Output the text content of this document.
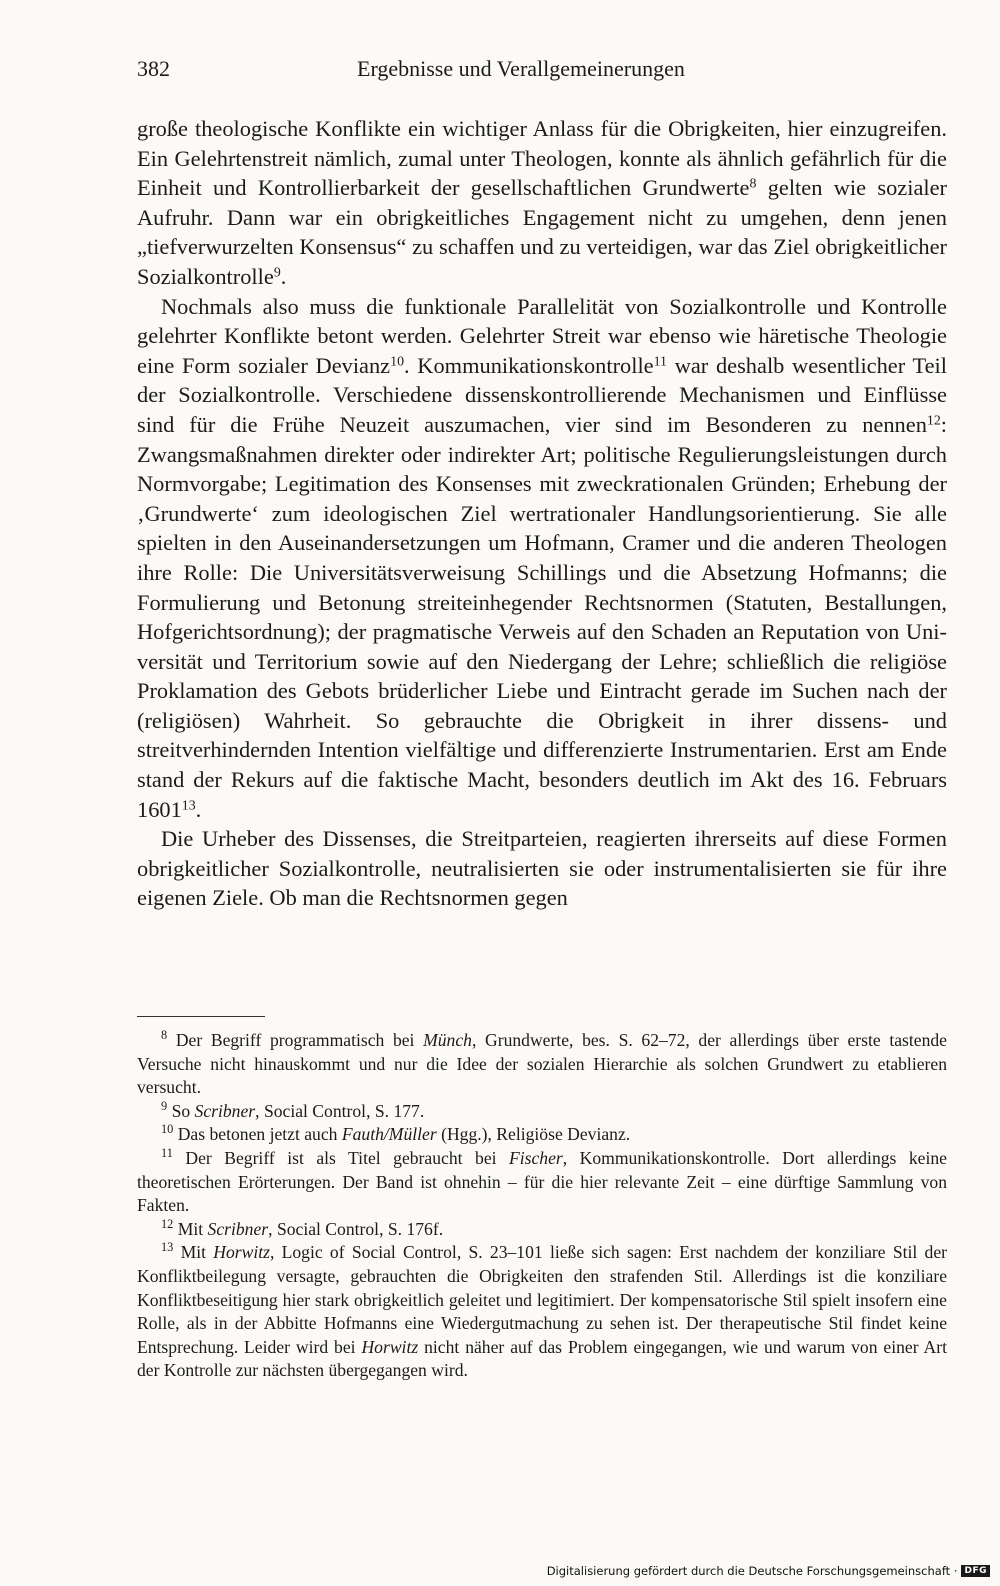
382	Ergebnisse und Verallgemeinerungen

große theologische Konflikte ein wichtiger Anlass für die Obrigkeiten, hier einzugreifen. Ein Gelehrtenstreit nämlich, zumal unter Theologen, konnte als ähnlich gefährlich für die Einheit und Kontrollierbarkeit der gesellschaftlichen Grundwerte$^8$ gelten wie sozialer Aufruhr. Dann war ein obrigkeitliches Engagement nicht zu umgehen, denn jenen „tiefverwurzelten Konsensus“ zu schaffen und zu verteidigen, war das Ziel obrigkeitlicher Sozialkontrolle$^9$.

Nochmals also muss die funktionale Parallelität von Sozialkontrolle und Kontrolle gelehrter Konflikte betont werden. Gelehrter Streit war ebenso wie häretische Theologie eine Form sozialer Devianz$^{10}$. Kommunikationskontrolle$^{11}$ war deshalb wesentlicher Teil der Sozialkontrolle. Verschiedene dissenskontrollierende Mechanismen und Einflüsse sind für die Frühe Neuzeit auszumachen, vier sind im Besonderen zu nennen$^{12}$: Zwangsmaßnahmen direkter oder indirekter Art; politische Regulierungsleistungen durch Normvorgabe; Legitimation des Konsenses mit zweckrationalen Gründen; Erhebung der ‚Grundwerte‘ zum ideologischen Ziel wertrationaler Handlungsorientierung. Sie alle spielten in den Auseinandersetzungen um Hofmann, Cramer und die anderen Theologen ihre Rolle: Die Universitätsverweisung Schillings und die Absetzung Hofmanns; die Formulierung und Betonung streiteinhegender Rechtsnormen (Statuten, Bestallungen, Hofgerichtsordnung); der pragmatische Verweis auf den Schaden an Reputation von Universität und Territorium sowie auf den Niedergang der Lehre; schließlich die religiöse Proklamation des Gebots brüderlicher Liebe und Eintracht gerade im Suchen nach der (religiösen) Wahrheit. So gebrauchte die Obrigkeit in ihrer dissens- und streitverhindernden Intention vielfältige und differenzierte Instrumentarien. Erst am Ende stand der Rekurs auf die faktische Macht, besonders deutlich im Akt des 16. Februars 1601$^{13}$.

Die Urheber des Dissenses, die Streitparteien, reagierten ihrerseits auf diese Formen obrigkeitlicher Sozialkontrolle, neutralisierten sie oder instrumentalisierten sie für ihre eigenen Ziele. Ob man die Rechtsnormen gegen

$^8$ Der Begriff programmatisch bei Münch, Grundwerte, bes. S. 62–72, der allerdings über erste tastende Versuche nicht hinauskommt und nur die Idee der sozialen Hierarchie als solchen Grundwert zu etablieren versucht.

$^9$ So Scribner, Social Control, S. 177.

$^{10}$ Das betonen jetzt auch Fauth/Müller (Hgg.), Religiöse Devianz.

$^{11}$ Der Begriff ist als Titel gebraucht bei Fischer, Kommunikationskontrolle. Dort allerdings keine theoretischen Erörterungen. Der Band ist ohnehin – für die hier relevante Zeit – eine dürftige Sammlung von Fakten.

$^{12}$ Mit Scribner, Social Control, S. 176f.

$^{13}$ Mit Horwitz, Logic of Social Control, S. 23–101 ließe sich sagen: Erst nachdem der konziliare Stil der Konfliktbeilegung versagte, gebrauchten die Obrigkeiten den strafenden Stil. Allerdings ist die konziliare Konfliktbeseitigung hier stark obrigkeitlich geleitet und legitimiert. Der kompensatorische Stil spielt insofern eine Rolle, als in der Abbitte Hofmanns eine Wiedergutmachung zu sehen ist. Der therapeutische Stil findet keine Entsprechung. Leider wird bei Horwitz nicht näher auf das Problem eingegangen, wie und warum von einer Art der Kontrolle zur nächsten übergegangen wird.

Digitalisierung gefördert durch die Deutsche Forschungsgemeinschaft · DFG
